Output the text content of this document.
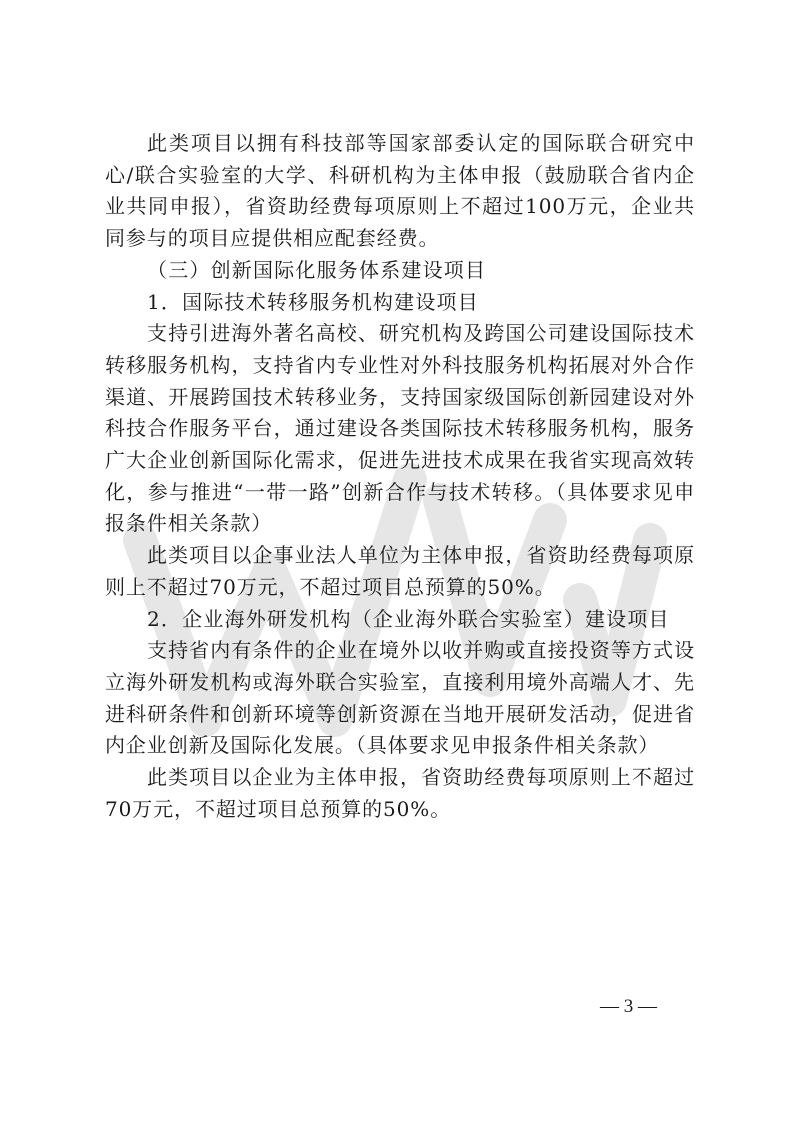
此类项目以拥有科技部等国家部委认定的国际联合研究中心/联合实验室的大学、科研机构为主体申报（鼓励联合省内企业共同申报），省资助经费每项原则上不超过100万元，企业共同参与的项目应提供相应配套经费。

（三）创新国际化服务体系建设项目

1．国际技术转移服务机构建设项目

支持引进海外著名高校、研究机构及跨国公司建设国际技术转移服务机构，支持省内专业性对外科技服务机构拓展对外合作渠道、开展跨国技术转移业务，支持国家级国际创新园建设对外科技合作服务平台，通过建设各类国际技术转移服务机构，服务广大企业创新国际化需求，促进先进技术成果在我省实现高效转化，参与推进“一带一路”创新合作与技术转移。（具体要求见申报条件相关条款）

此类项目以企事业法人单位为主体申报，省资助经费每项原则上不超过70万元，不超过项目总预算的50%。

2．企业海外研发机构（企业海外联合实验室）建设项目

支持省内有条件的企业在境外以收并购或直接投资等方式设立海外研发机构或海外联合实验室，直接利用境外高端人才、先进科研条件和创新环境等创新资源在当地开展研发活动，促进省内企业创新及国际化发展。（具体要求见申报条件相关条款）

此类项目以企业为主体申报，省资助经费每项原则上不超过70万元，不超过项目总预算的50%。

— 3 —
